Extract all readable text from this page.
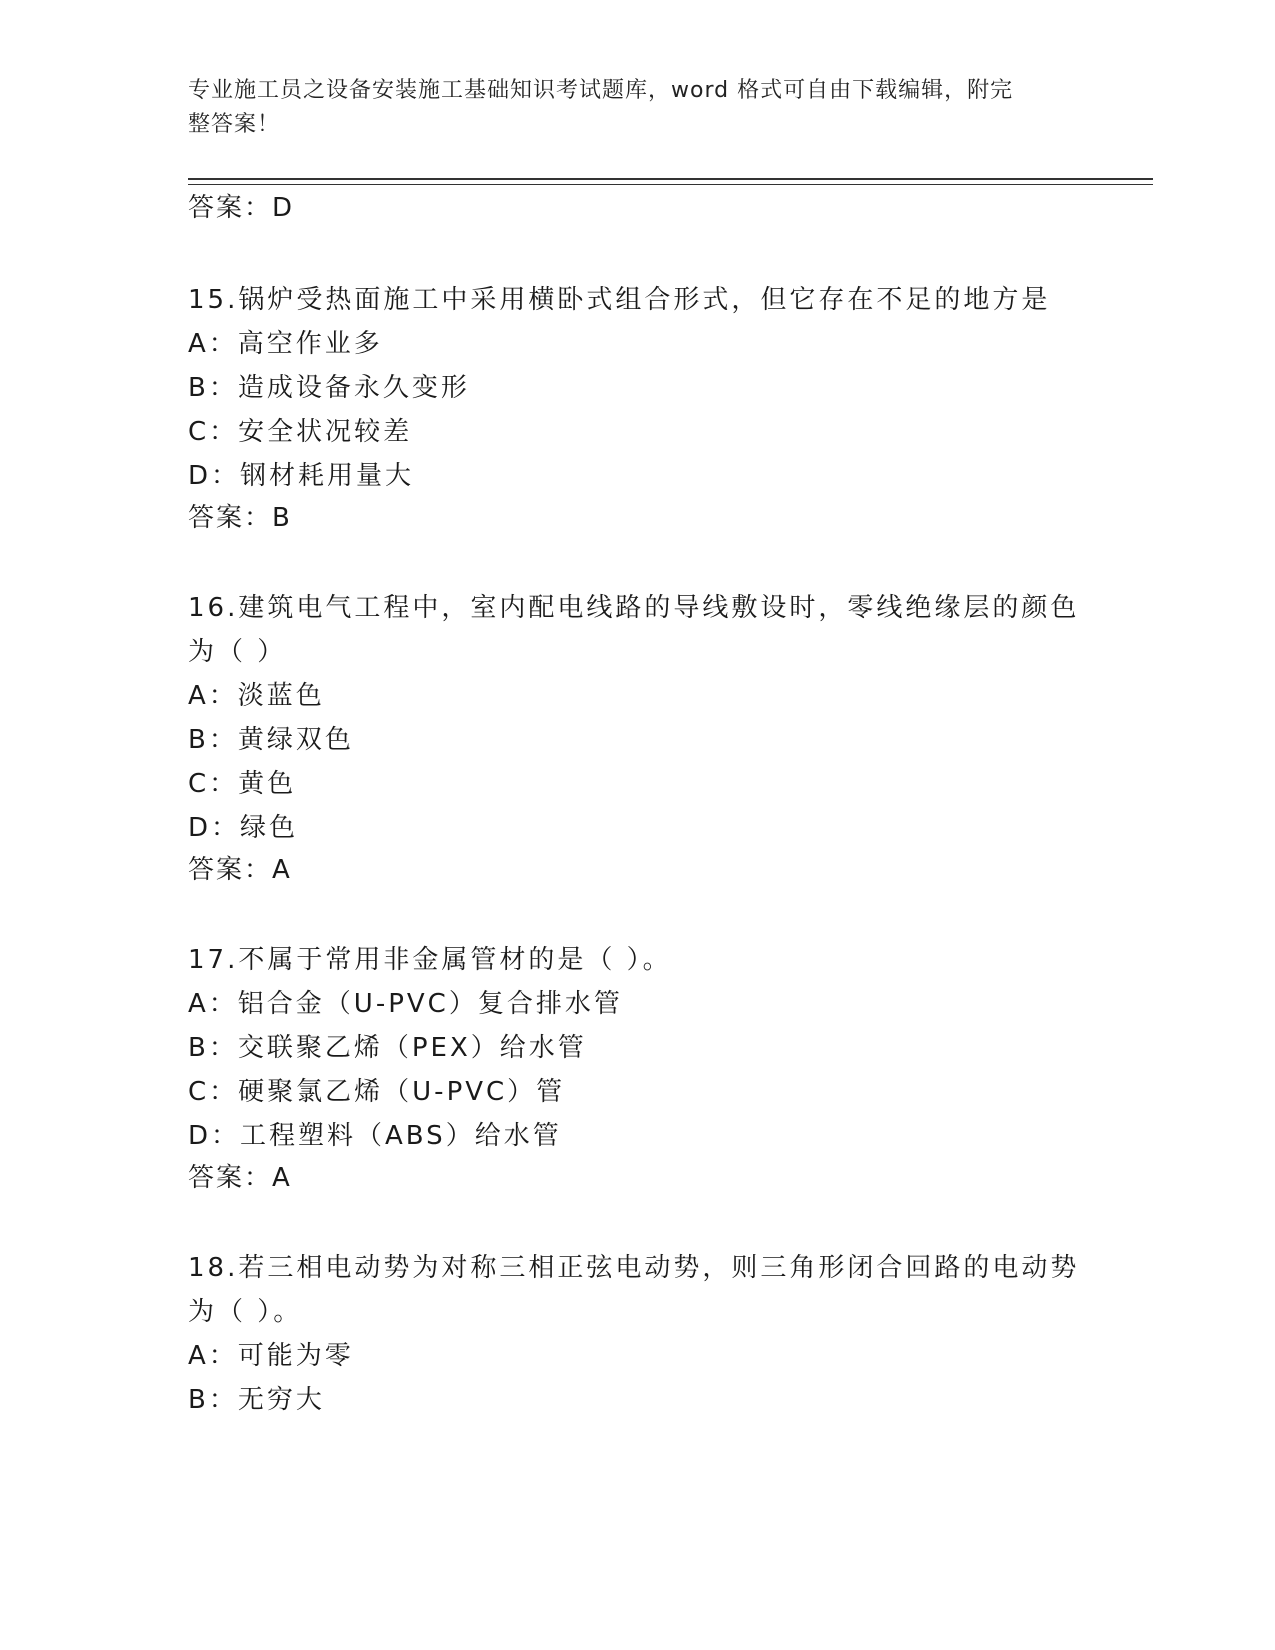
专业施工员之设备安装施工基础知识考试题库，word 格式可自由下载编辑，附完
整答案！
答案：D
15.锅炉受热面施工中采用横卧式组合形式，但它存在不足的地方是
A：高空作业多
B：造成设备永久变形
C：安全状况较差
D：钢材耗用量大
答案：B
16.建筑电气工程中，室内配电线路的导线敷设时，零线绝缘层的颜色
为（ ）
A：淡蓝色
B：黄绿双色
C：黄色
D：绿色
答案：A
17.不属于常用非金属管材的是（ ）。
A：铝合金（U-PVC）复合排水管
B：交联聚乙烯（PEX）给水管
C：硬聚氯乙烯（U-PVC）管
D：工程塑料（ABS）给水管
答案：A
18.若三相电动势为对称三相正弦电动势，则三角形闭合回路的电动势
为（ ）。
A：可能为零
B：无穷大
